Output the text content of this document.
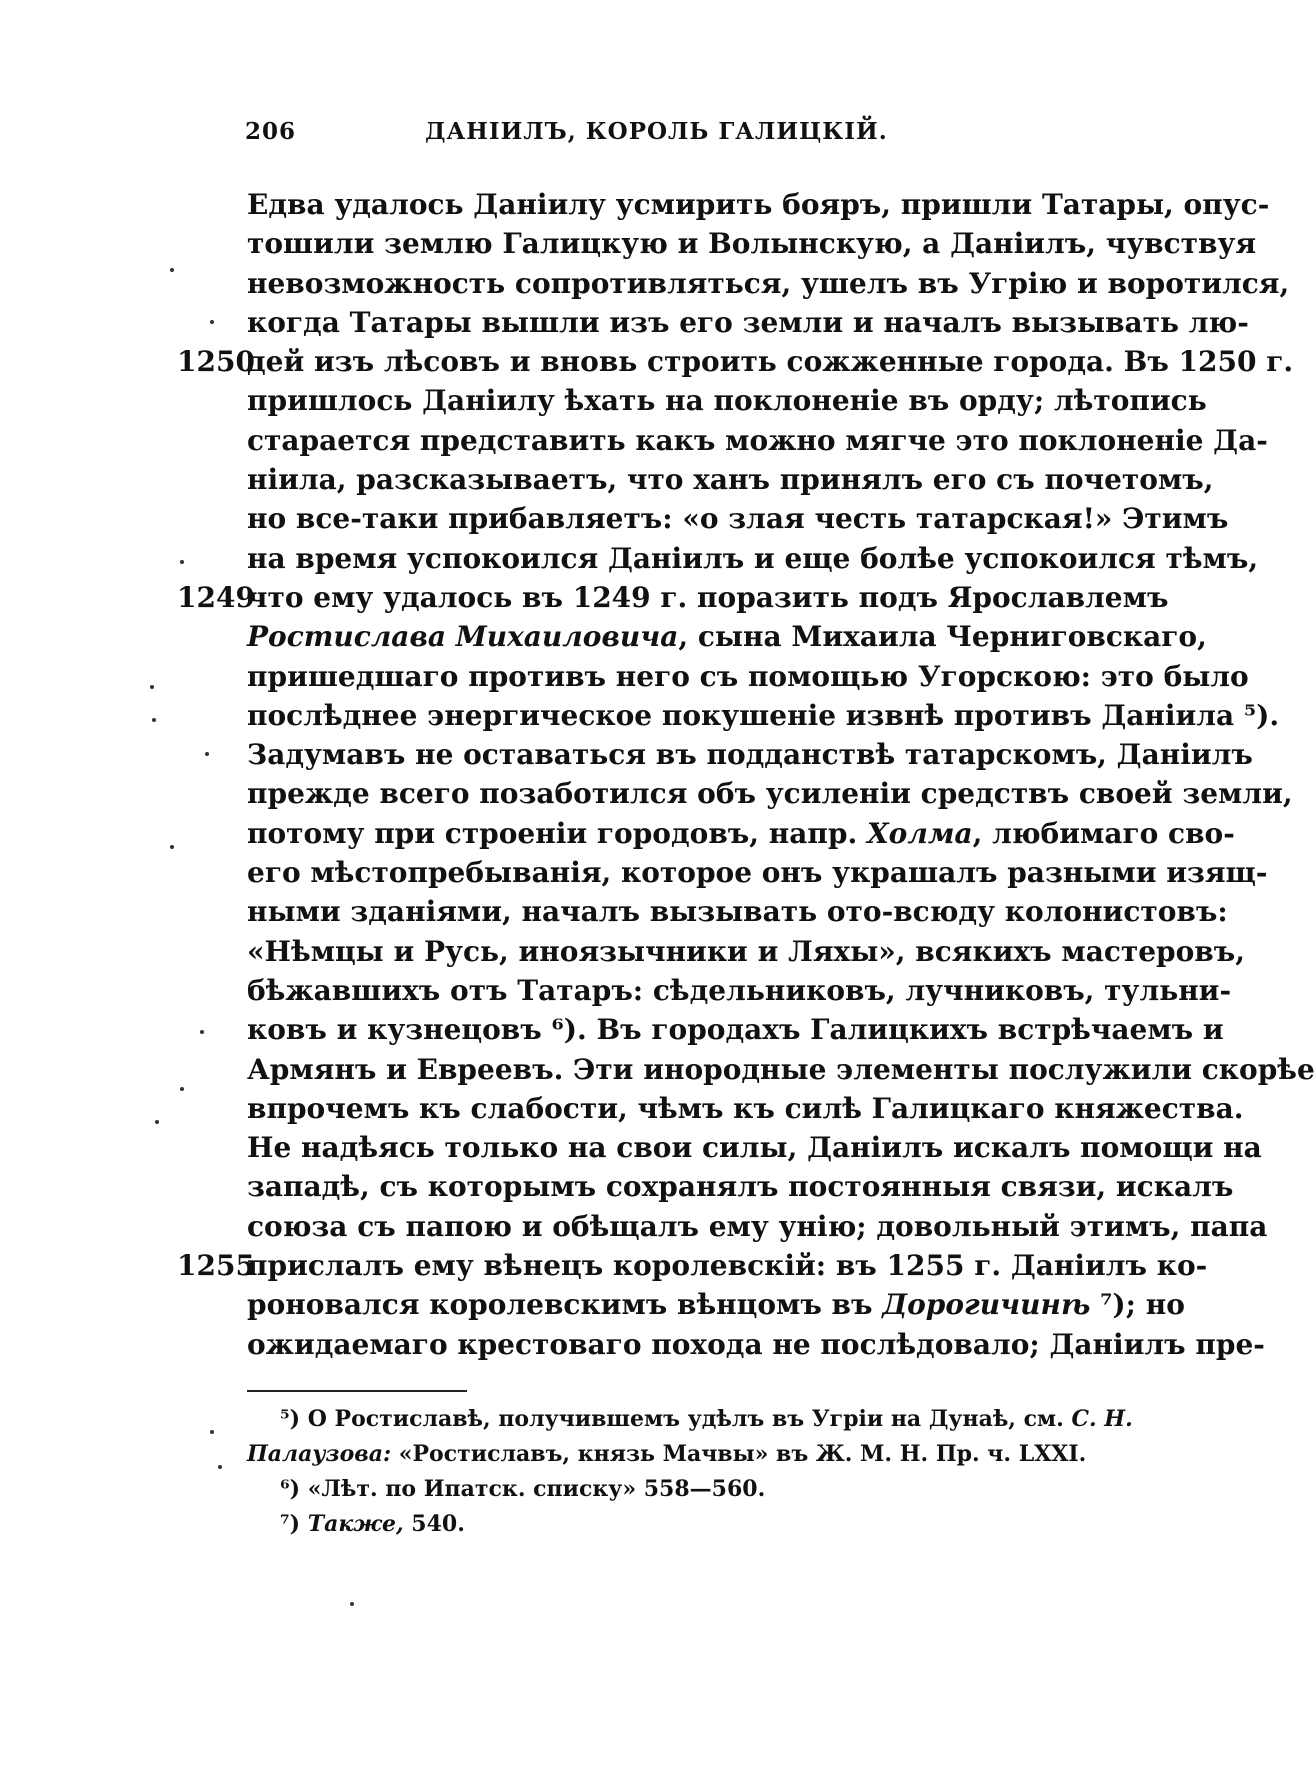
206	ДАНIИЛЪ, КОРОЛЬ ГАЛИЦКIЙ.
Едва удалось Даніилу усмирить бояръ, пришли Татары, опус-
тошили землю Галицкую и Волынскую, а Даніилъ, чувствуя
невозможность сопротивляться, ушелъ въ Угрію и воротился,
когда Татары вышли изъ его земли и началъ вызывать лю-
1250
дей изъ лѣсовъ и вновь строить сожженные города. Въ 1250 г.
пришлось Даніилу ѣхать на поклоненіе въ орду; лѣтопись
старается представить какъ можно мягче это поклоненіе Да-
ніила, разсказываетъ, что ханъ принялъ его съ почетомъ,
но все-таки прибавляетъ: «о злая честь татарская!» Этимъ
на время успокоился Даніилъ и еще болѣе успокоился тѣмъ,
1249
что ему удалось въ 1249 г. поразить подъ Ярославлемъ
Ростислава Михаиловича, сына Михаила Черниговскаго,
пришедшаго противъ него съ помощью Угорскою: это было
послѣднее энергическое покушеніе извнѣ противъ Даніила ⁵).
Задумавъ не оставаться въ подданствѣ татарскомъ, Даніилъ
прежде всего позаботился объ усиленіи средствъ своей земли,
потому при строеніи городовъ, напр. Холма, любимаго сво-
его мѣстопребыванія, которое онъ украшалъ разными изящ-
ными зданіями, началъ вызывать ото-всюду колонистовъ:
«Нѣмцы и Русь, иноязычники и Ляхы», всякихъ мастеровъ,
бѣжавшихъ отъ Татаръ: сѣдельниковъ, лучниковъ, тульни-
ковъ и кузнецовъ ⁶). Въ городахъ Галицкихъ встрѣчаемъ и
Армянъ и Евреевъ. Эти инородные элементы послужили скорѣе
впрочемъ къ слабости, чѣмъ къ силѣ Галицкаго княжества.
Не надѣясь только на свои силы, Даніилъ искалъ помощи на
западѣ, съ которымъ сохранялъ постоянныя связи, искалъ
союза съ папою и обѣщалъ ему унію; довольный этимъ, папа
1255
прислалъ ему вѣнецъ королевскій: въ 1255 г. Даніилъ ко-
роновался королевскимъ вѣнцомъ въ Дорогичинѣ ⁷); но
ожидаемаго крестоваго похода не послѣдовало; Даніилъ пре-
⁵) О Ростиславѣ, получившемъ удѣлъ въ Угріи на Дунаѣ, см. С. Н.
Палаузова: «Ростиславъ, князь Мачвы» въ Ж. М. Н. Пр. ч. LXXI.
⁶) «Лѣт. по Ипатск. списку» 558—560.
⁷) Такжe, 540.
